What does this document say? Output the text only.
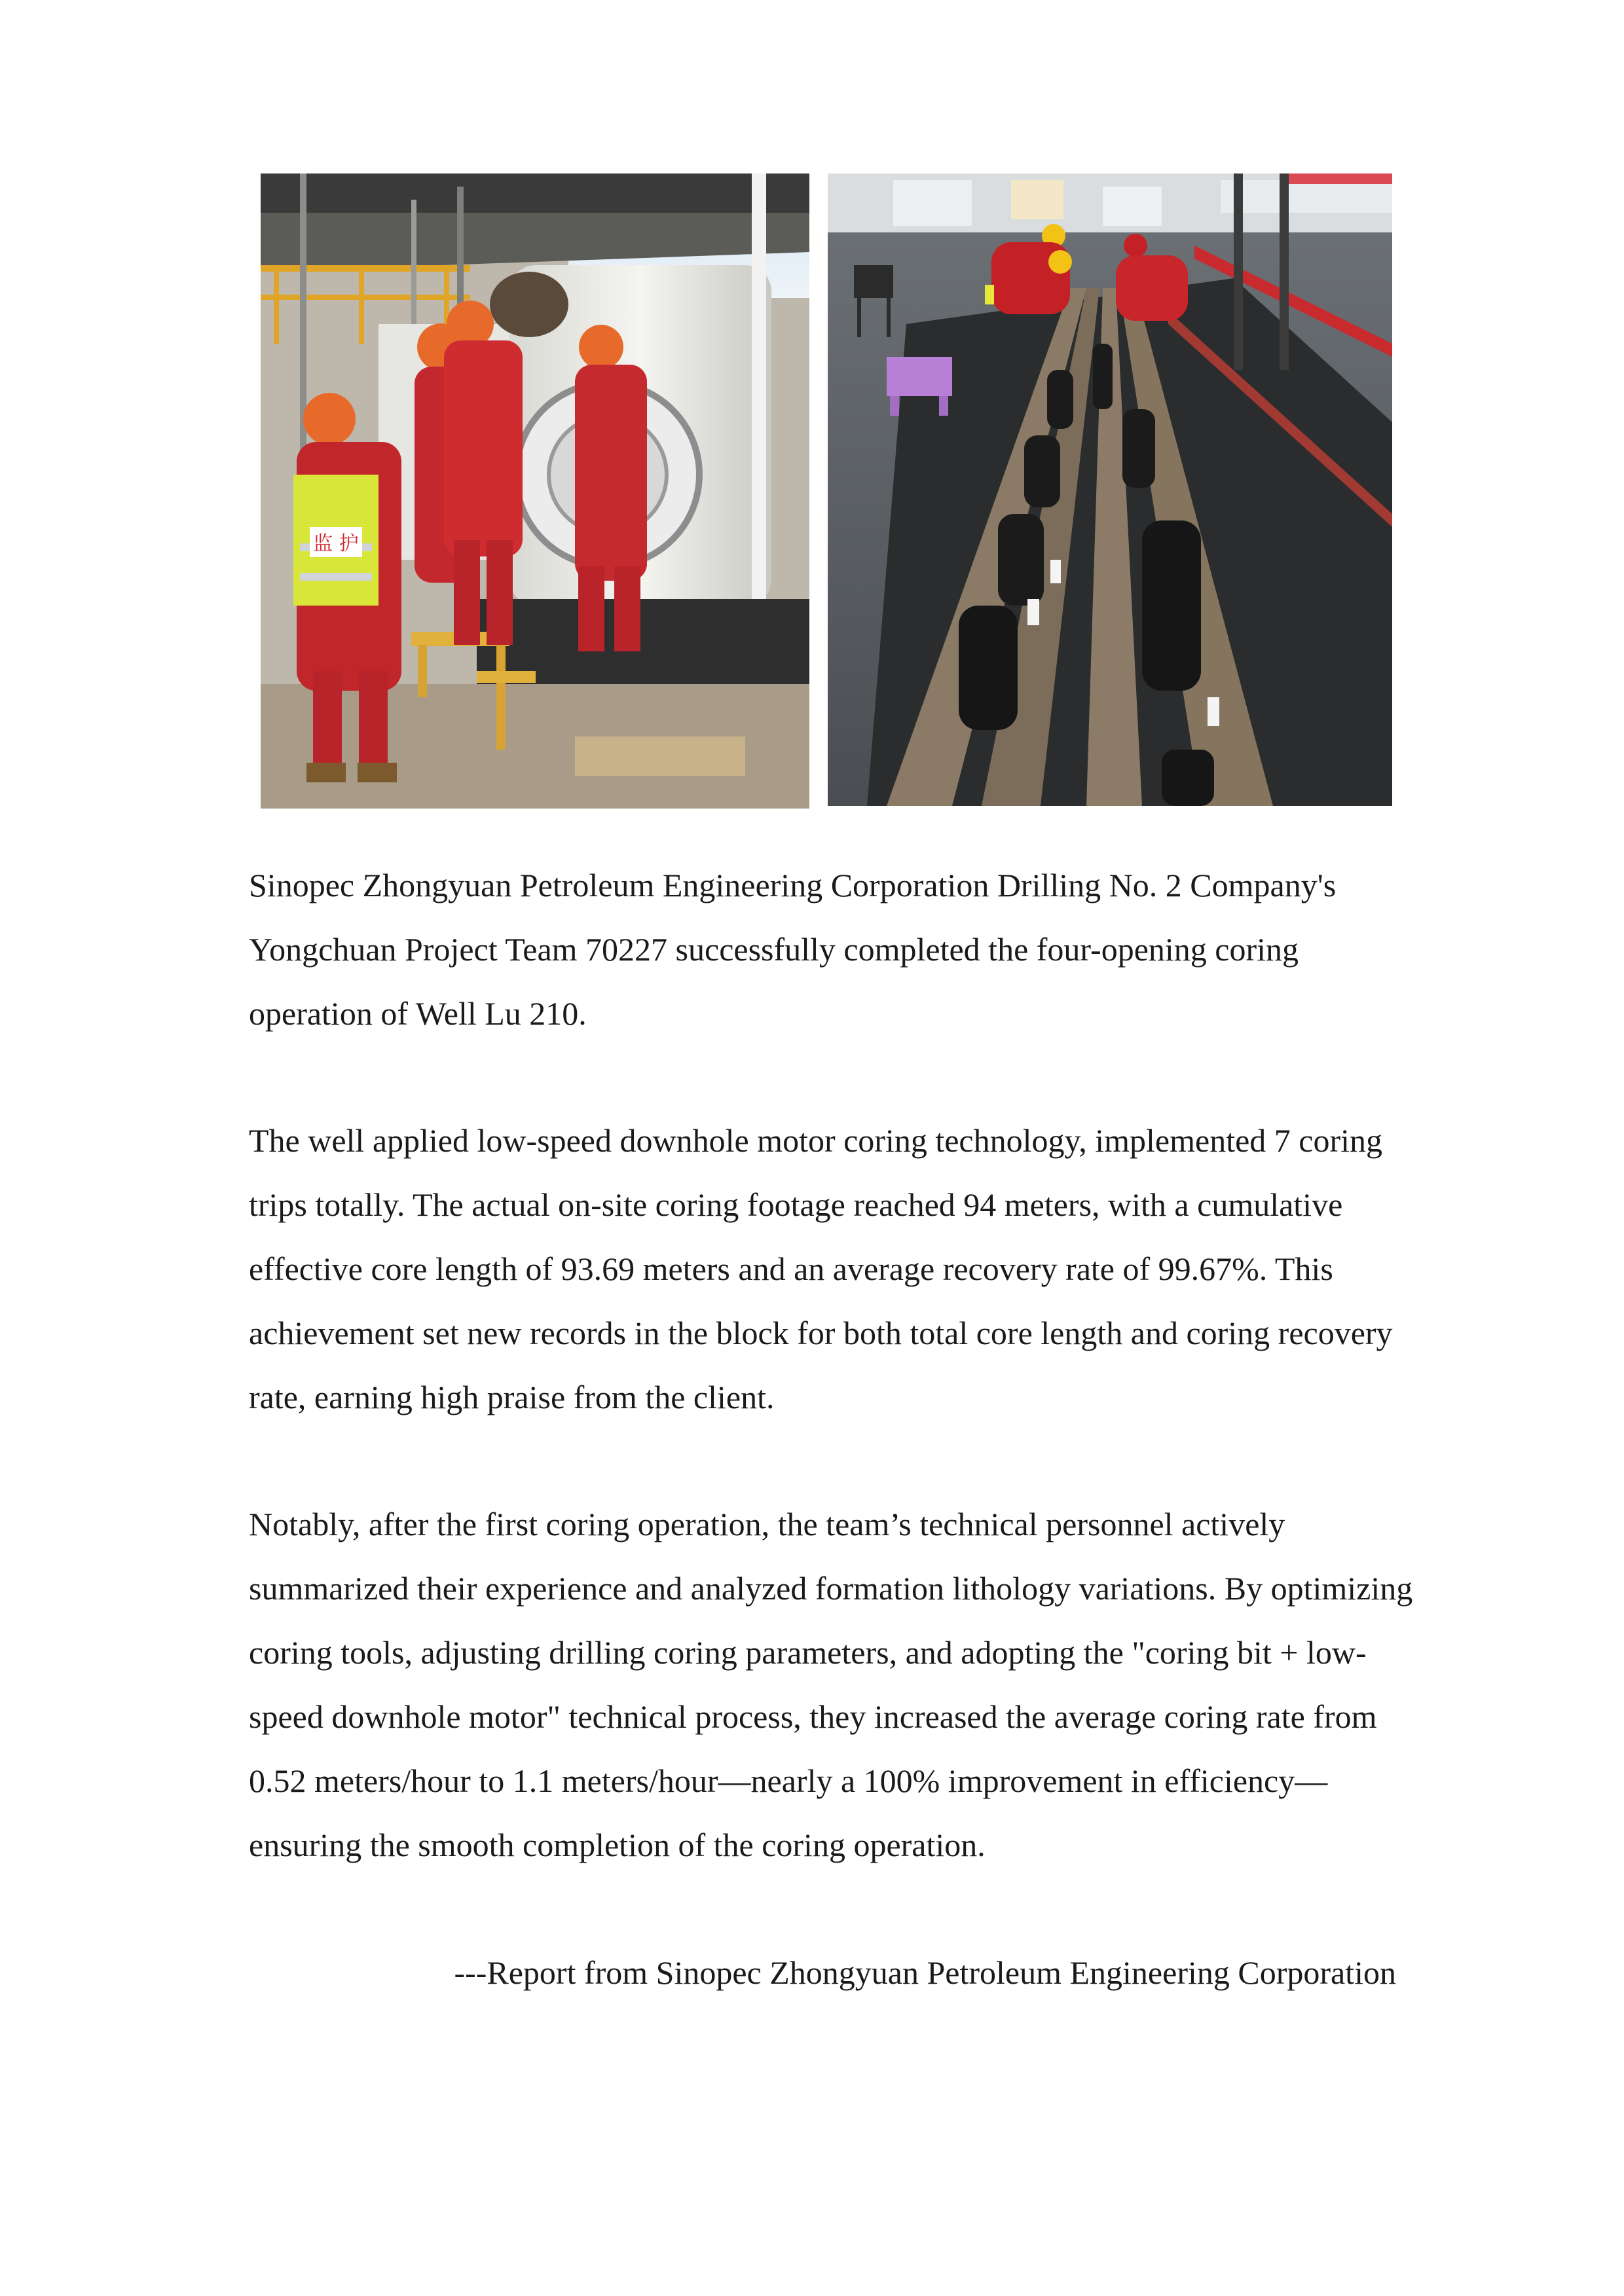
监 护

Sinopec Zhongyuan Petroleum Engineering Corporation Drilling No. 2 Company's Yongchuan Project Team 70227 successfully completed the four-opening coring operation of Well Lu 210.

The well applied low-speed downhole motor coring technology, implemented 7 coring trips totally. The actual on-site coring footage reached 94 meters, with a cumulative effective core length of 93.69 meters and an average recovery rate of 99.67%. This achievement set new records in the block for both total core length and coring recovery rate, earning high praise from the client.

Notably, after the first coring operation, the team’s technical personnel actively summarized their experience and analyzed formation lithology variations. By optimizing coring tools, adjusting drilling coring parameters, and adopting the "coring bit + low-speed downhole motor" technical process, they increased the average coring rate from 0.52 meters/hour to 1.1 meters/hour—nearly a 100% improvement in efficiency—ensuring the smooth completion of the coring operation.

---Report from Sinopec Zhongyuan Petroleum Engineering Corporation
